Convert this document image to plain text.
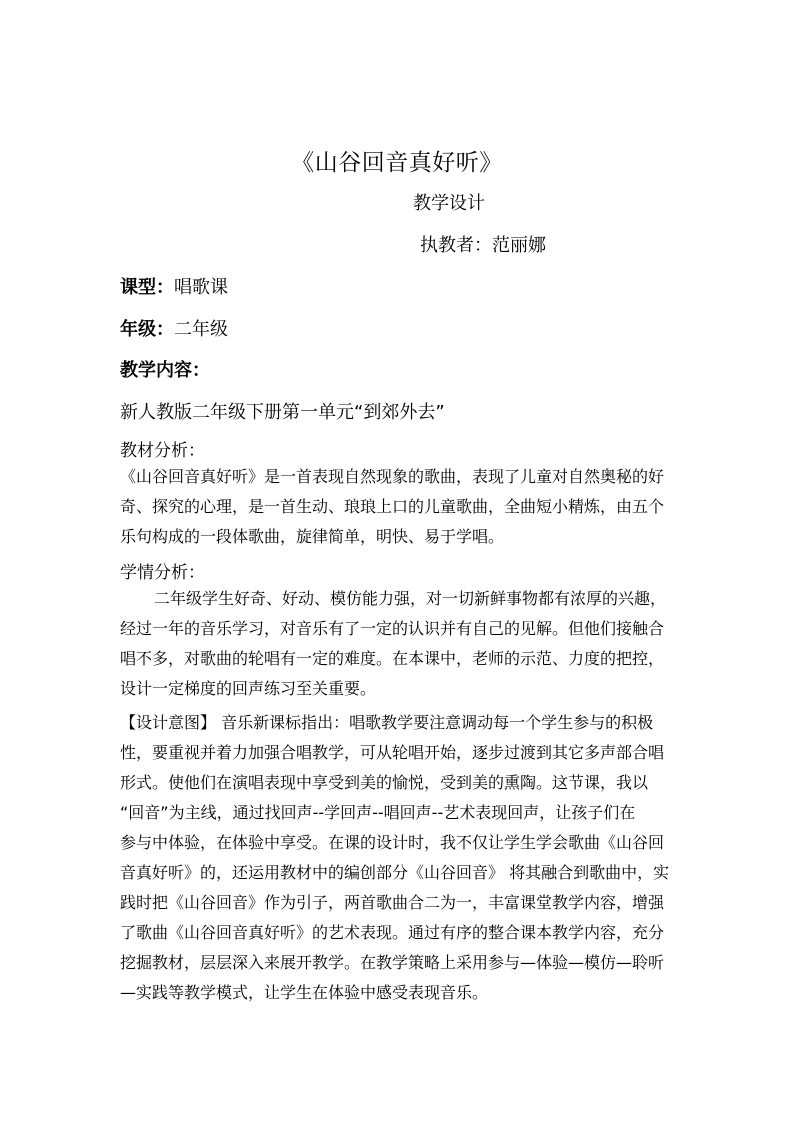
《山谷回音真好听》
教学设计
执教者：范丽娜
课型：唱歌课
年级：二年级
教学内容：
新人教版二年级下册第一单元“到郊外去”
教材分析：
《山谷回音真好听》是一首表现自然现象的歌曲，表现了儿童对自然奥秘的好
奇、探究的心理，是一首生动、琅琅上口的儿童歌曲，全曲短小精炼，由五个
乐句构成的一段体歌曲，旋律简单，明快、易于学唱。
学情分析：
二年级学生好奇、好动、模仿能力强，对一切新鲜事物都有浓厚的兴趣，
经过一年的音乐学习，对音乐有了一定的认识并有自己的见解。但他们接触合
唱不多，对歌曲的轮唱有一定的难度。在本课中，老师的示范、力度的把控，
设计一定梯度的回声练习至关重要。
【设计意图】 音乐新课标指出：唱歌教学要注意调动每一个学生参与的积极
性，要重视并着力加强合唱教学，可从轮唱开始，逐步过渡到其它多声部合唱
形式。使他们在演唱表现中享受到美的愉悦，受到美的熏陶。这节课，我以
“回音”为主线，通过找回声--学回声--唱回声--艺术表现回声，让孩子们在
参与中体验，在体验中享受。在课的设计时，我不仅让学生学会歌曲《山谷回
音真好听》的，还运用教材中的编创部分《山谷回音》 将其融合到歌曲中，实
践时把《山谷回音》作为引子，两首歌曲合二为一，丰富课堂教学内容，增强
了歌曲《山谷回音真好听》的艺术表现。通过有序的整合课本教学内容，充分
挖掘教材，层层深入来展开教学。在教学策略上采用参与—体验—模仿—聆听
—实践等教学模式，让学生在体验中感受表现音乐。
